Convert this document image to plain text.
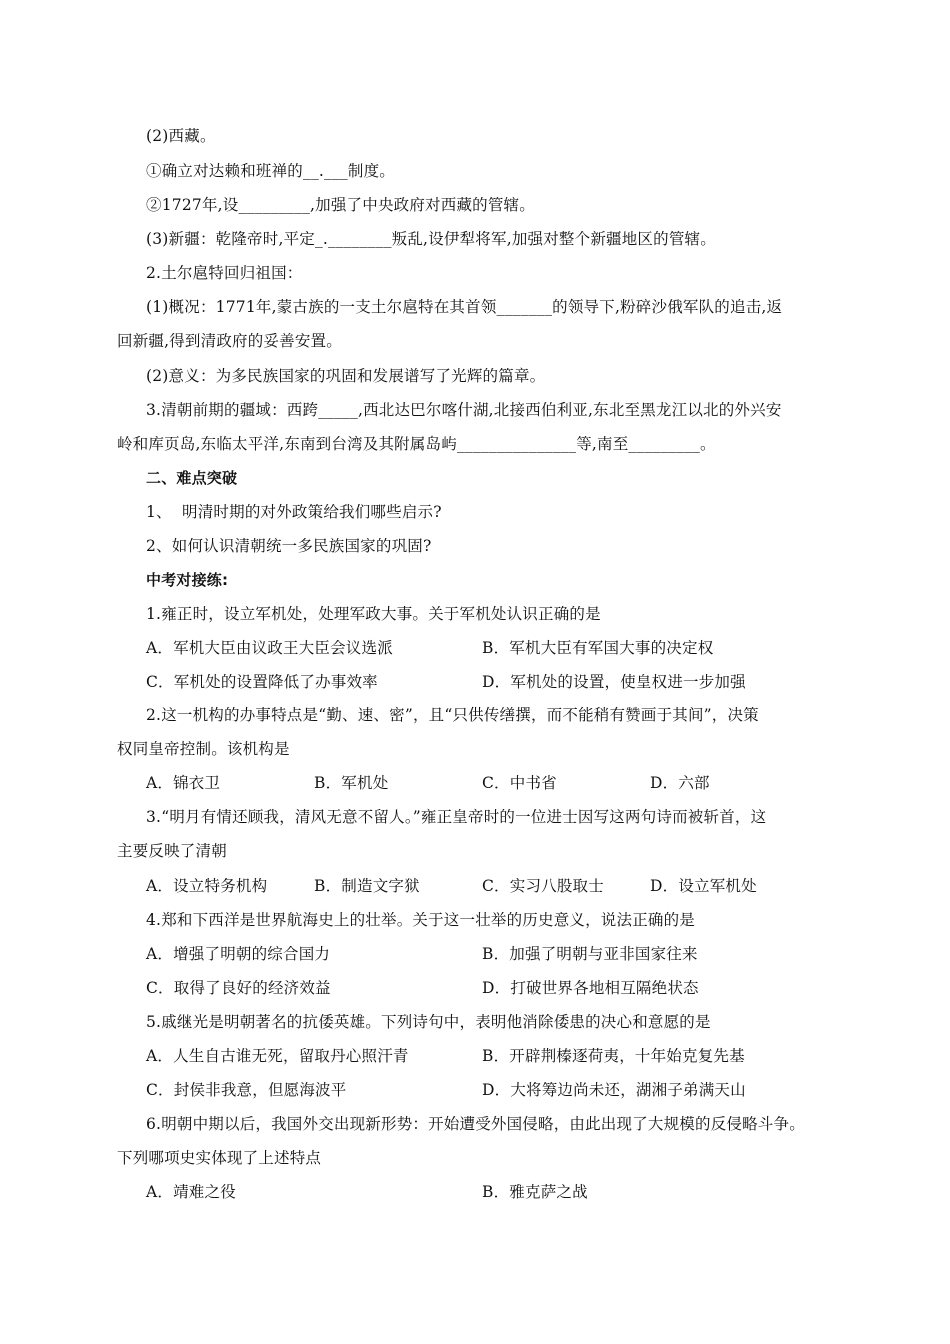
(2)西藏。
①确立对达赖和班禅的__.___制度。
②1727年,设_________,加强了中央政府对西藏的管辖。
(3)新疆：乾隆帝时,平定_.________叛乱,设伊犁将军,加强对整个新疆地区的管辖。
2.土尔扈特回归祖国：
(1)概况：1771年,蒙古族的一支土尔扈特在其首领_______的领导下,粉碎沙俄军队的追击,返
回新疆,得到清政府的妥善安置。
(2)意义：为多民族国家的巩固和发展谱写了光辉的篇章。
3.清朝前期的疆域：西跨_____,西北达巴尔喀什湖,北接西伯利亚,东北至黑龙江以北的外兴安
岭和库页岛,东临太平洋,东南到台湾及其附属岛屿_______________等,南至_________。
二、难点突破
1、  明清时期的对外政策给我们哪些启示?
2、如何认识清朝统一多民族国家的巩固?
中考对接练:
1.雍正时，设立军机处，处理军政大事。关于军机处认识正确的是
A．军机大臣由议政王大臣会议选派	B．军机大臣有军国大事的决定权
C．军机处的设置降低了办事效率	D．军机处的设置，使皇权进一步加强
2.这一机构的办事特点是“勤、速、密”，且“只供传缮撰，而不能稍有赞画于其间”，决策
权同皇帝控制。该机构是
A．锦衣卫	B．军机处	C．中书省	D．六部
3.“明月有情还顾我，清风无意不留人。”雍正皇帝时的一位进士因写这两句诗而被斩首，这
主要反映了清朝
A．设立特务机构	B．制造文字狱	C．实习八股取士	D．设立军机处
4.郑和下西洋是世界航海史上的壮举。关于这一壮举的历史意义，说法正确的是
A．增强了明朝的综合国力	B．加强了明朝与亚非国家往来
C．取得了良好的经济效益	D．打破世界各地相互隔绝状态
5.戚继光是明朝著名的抗倭英雄。下列诗句中，表明他消除倭患的决心和意愿的是
A．人生自古谁无死，留取丹心照汗青	B．开辟荆榛逐荷夷，十年始克复先基
C．封侯非我意，但愿海波平	D．大将筹边尚未还，湖湘子弟满天山
6.明朝中期以后，我国外交出现新形势：开始遭受外国侵略，由此出现了大规模的反侵略斗争。
下列哪项史实体现了上述特点
A．靖难之役	B．雅克萨之战
